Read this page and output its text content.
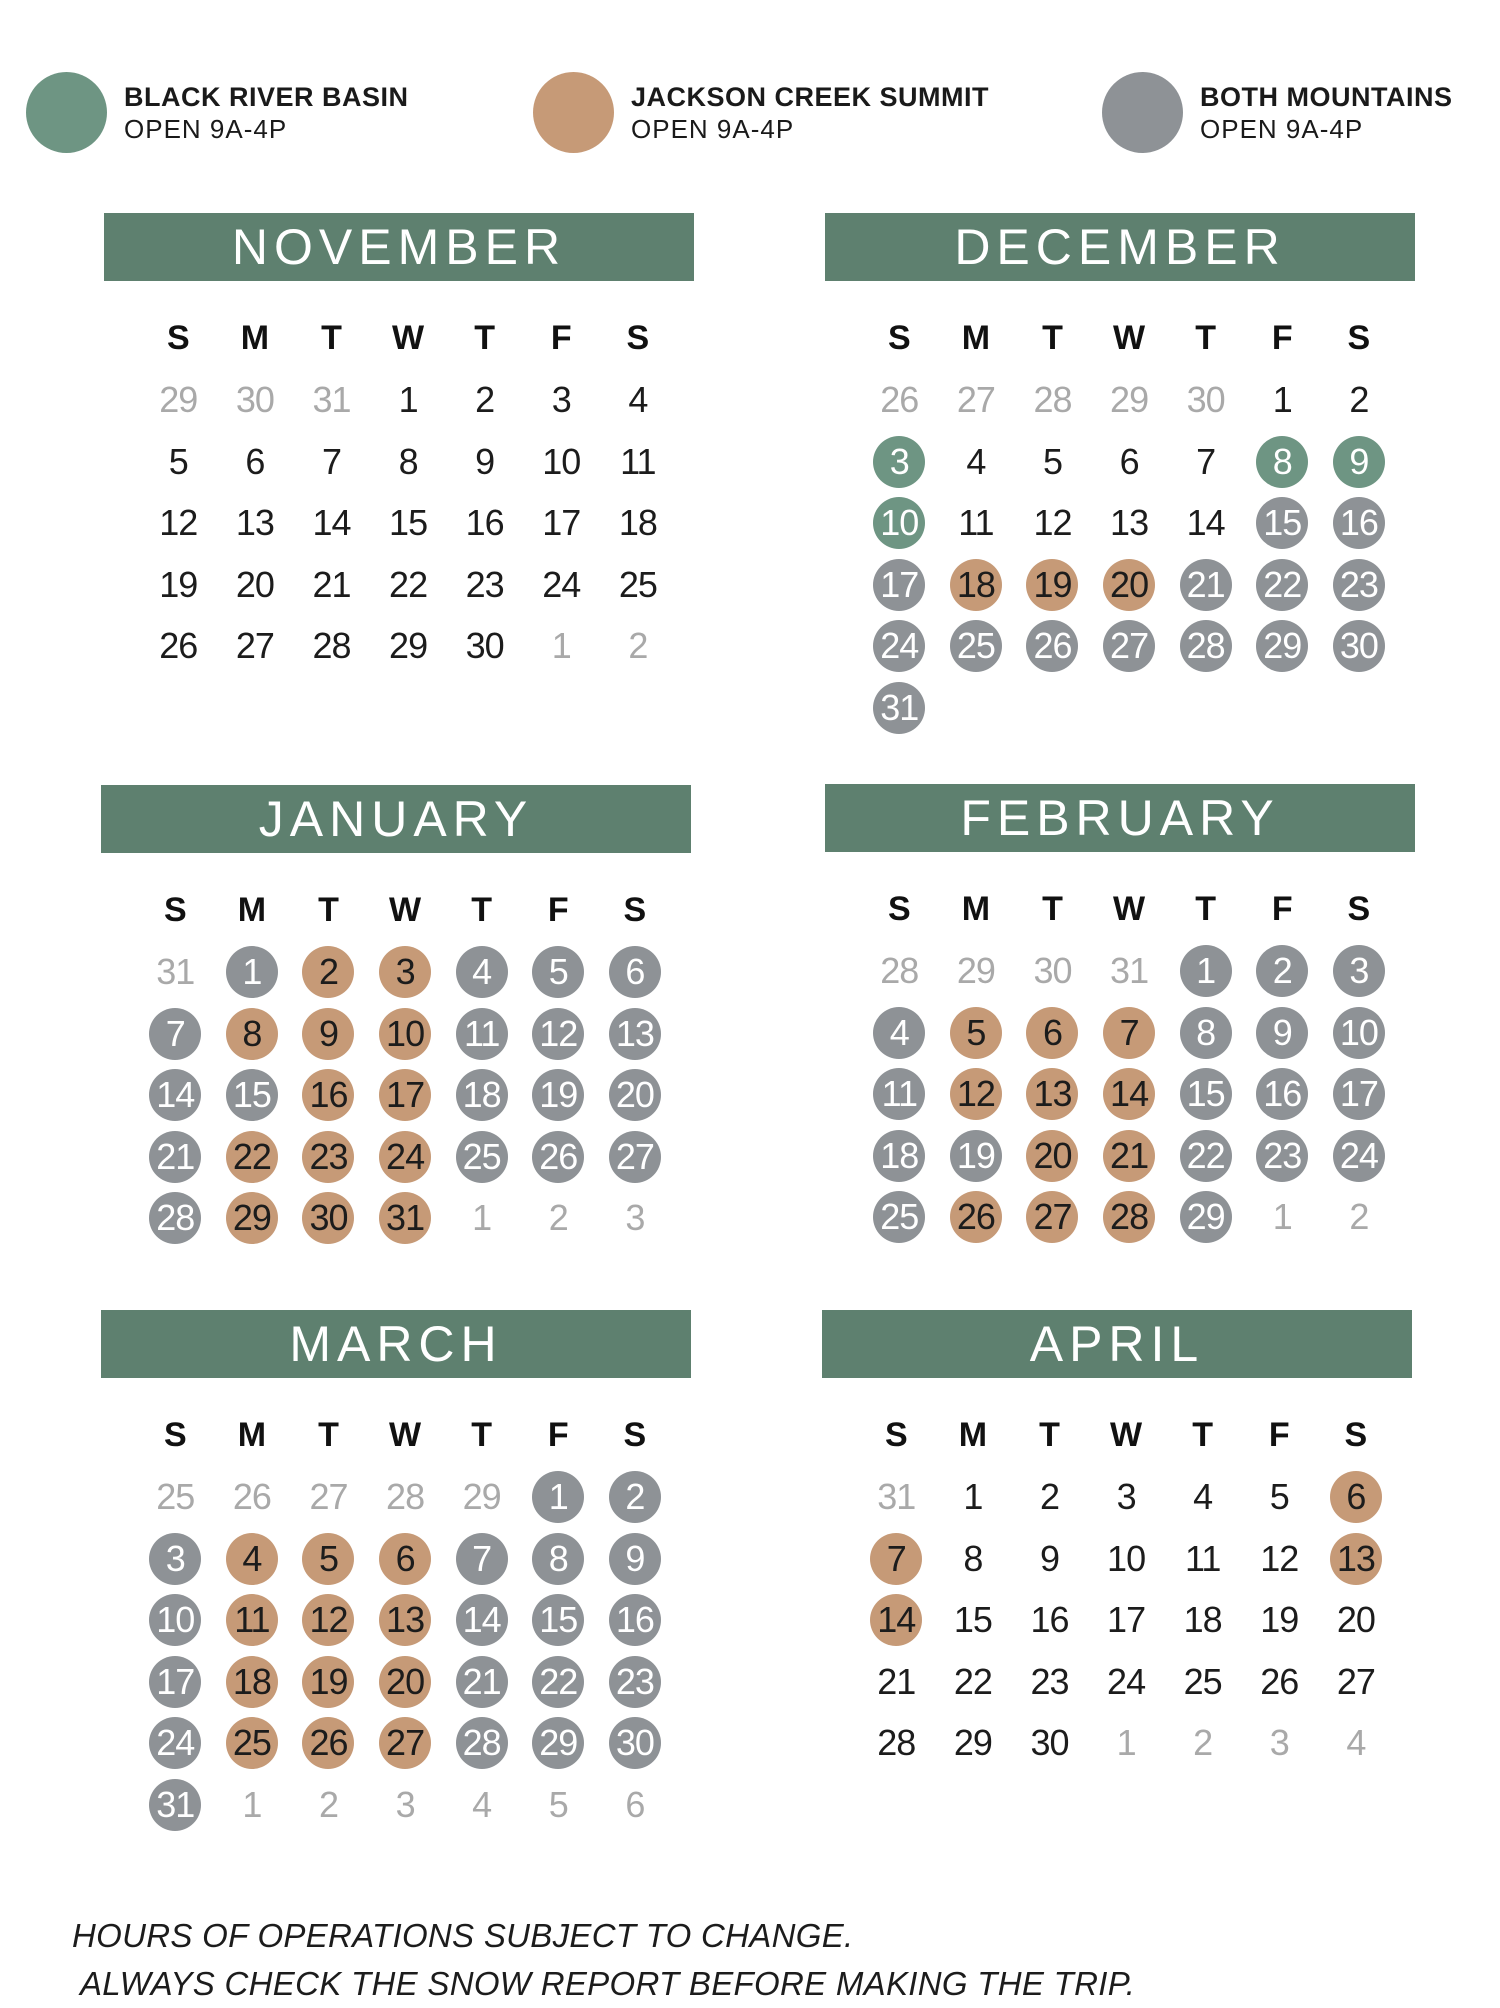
BLACK RIVER BASIN
OPEN 9A-4P
JACKSON CREEK SUMMIT
OPEN 9A-4P
BOTH MOUNTAINS
OPEN 9A-4P
NOVEMBER
S M T W T F S
29 30 31	1	2	3	4
5	6	7	8	9	10 11
12 13 14 15 16 17 18
19 20 21 22 23 24 25
26 27 28 29 30	1	2
DECEMBER
S M T W T F S
26 27 28 29 30	1	2
3	4	5	6	7	8	9
10 11 12 13 14 15 16
17 18 19 20 21 22 23
24 25 26 27 28 29 30
31
JANUARY
S M T W T F S
31	1	2	3	4	5	6
7	8	9	10 11 12 13
14 15 16 17 18 19 20
21 22 23 24 25 26 27
28 29 30 31	1	2	3
FEBRUARY
S M T W T F S
28 29 30 31	1	2	3
4	5	6	7	8	9	10
11 12 13 14 15 16 17
18 19 20 21 22 23 24
25 26 27 28 29	1	2
MARCH
S M T W T F S
25 26 27 28 29	1	2
3	4	5	6	7	8	9
10 11 12 13 14 15 16
17 18 19 20 21 22 23
24 25 26 27 28 29 30
31	1	2	3	4	5	6
APRIL
S M T W T F S
31	1	2	3	4	5	6
7	8	9	10 11 12 13
14 15 16 17 18 19 20
21 22 23 24 25 26 27
28 29 30	1	2	3	4
HOURS OF OPERATIONS SUBJECT TO CHANGE.
ALWAYS CHECK THE SNOW REPORT BEFORE MAKING THE TRIP.
